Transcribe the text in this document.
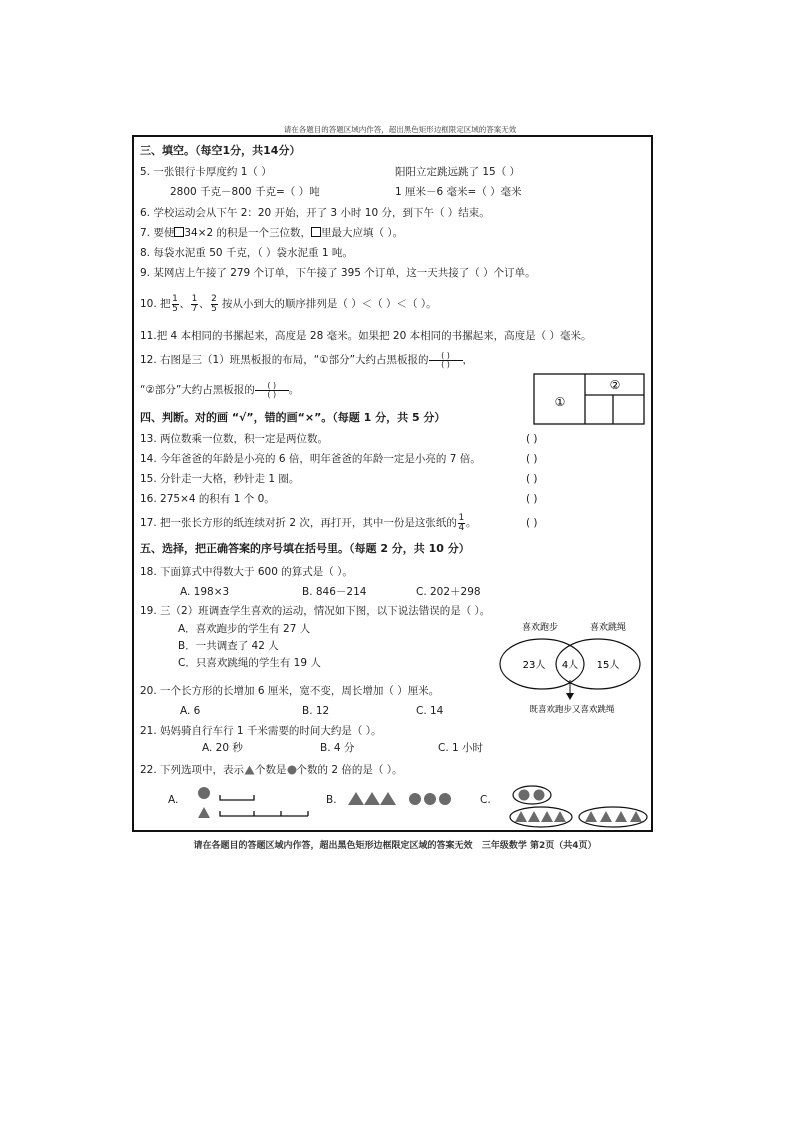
请在各题目的答题区域内作答，超出黑色矩形边框限定区域的答案无效
三、填空。（每空1分，共14分）
5. 一张银行卡厚度约 1（ ）	阳阳立定跳远跳了 15（ ）
2800 千克－800 千克=（ ）吨	1 厘米－6 毫米=（ ）毫米
6. 学校运动会从下午 2：20 开始，开了 3 小时 10 分，到下午（ ）结束。
7. 要使 34×2 的积是一个三位数， 里最大应填（ ）。
8. 每袋水泥重 50 千克，（ ）袋水泥重 1 吨。
9. 某网店上午接了 279 个订单，下午接了 395 个订单，这一天共接了（ ）个订单。
10. 把 $\frac{1}{5}$ 、 $\frac{1}{7}$ 、 $\frac{2}{5}$ 按从小到大的顺序排列是（ ）＜（ ）＜（ ）。
11.把 4 本相同的书摞起来，高度是 28 毫米。如果把 20 本相同的书摞起来，高度是（ ）毫米。
12. 右图是三（1）班黑板报的布局，“①部分”大约占黑板报的 ( )
( ) ，
“②部分”大约占黑板报的 ( )
( ) 。
①
②
四、判断。对的画 “√”，错的画“×”。（每题 1 分，共 5 分）
13. 两位数乘一位数，积一定是两位数。	( )
14. 今年爸爸的年龄是小亮的 6 倍，明年爸爸的年龄一定是小亮的 7 倍。	( )
15. 分针走一大格，秒针走 1 圈。	( )
16. 275×4 的积有 1 个 0。	( )
17. 把一张长方形的纸连续对折 2 次，再打开，其中一份是这张纸的 $\frac{1}{4}$ 。	( )
五、选择，把正确答案的序号填在括号里。（每题 2 分，共 10 分）
18. 下面算式中得数大于 600 的算式是（ ）。
A. 198×3	B. 846－214	C. 202＋298
19. 三（2）班调查学生喜欢的运动，情况如下图，以下说法错误的是（ ）。
A．喜欢跑步的学生有 27 人
B．一共调查了 42 人
C．只喜欢跳绳的学生有 19 人
喜欢跑步	喜欢跳绳
23人 4人 15人
既喜欢跑步又喜欢跳绳
20. 一个长方形的长增加 6 厘米，宽不变，周长增加（ ）厘米。
A. 6	B. 12	C. 14
21. 妈妈骑自行车行 1 千米需要的时间大约是（ ）。
A. 20 秒	B. 4 分	C. 1 小时
22. 下列选项中，表示 个数是 个数的 2 倍的是（ ）。
A.	B.	C.
请在各题目的答题区域内作答，超出黑色矩形边框限定区域的答案无效 三年级数学 第2页（共4页）
